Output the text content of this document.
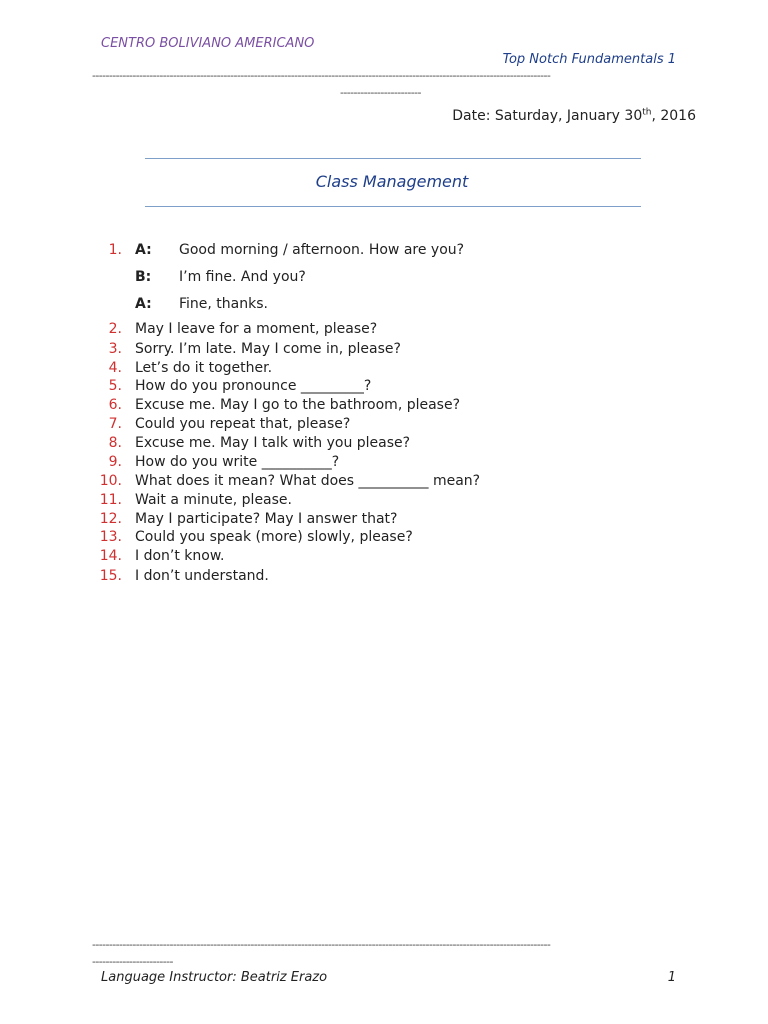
CENTRO BOLIVIANO AMERICANO
Top Notch Fundamentals 1
----------------------------------------------------------------------------------------------------------------------------------------
------------------------
Date: Saturday, January 30th, 2016
Class Management
1. A: Good morning / afternoon. How are you?
B: I’m fine. And you?
A: Fine, thanks.
2. May I leave for a moment, please?
3. Sorry. I’m late. May I come in, please?
4. Let’s do it together.
5. How do you pronounce _________?
6. Excuse me. May I go to the bathroom, please?
7. Could you repeat that, please?
8. Excuse me. May I talk with you please?
9. How do you write __________?
10. What does it mean? What does __________ mean?
11. Wait a minute, please.
12. May I participate? May I answer that?
13. Could you speak (more) slowly, please?
14. I don’t know.
15. I don’t understand.
----------------------------------------------------------------------------------------------------------------------------------------
------------------------
Language Instructor: Beatriz Erazo	1
